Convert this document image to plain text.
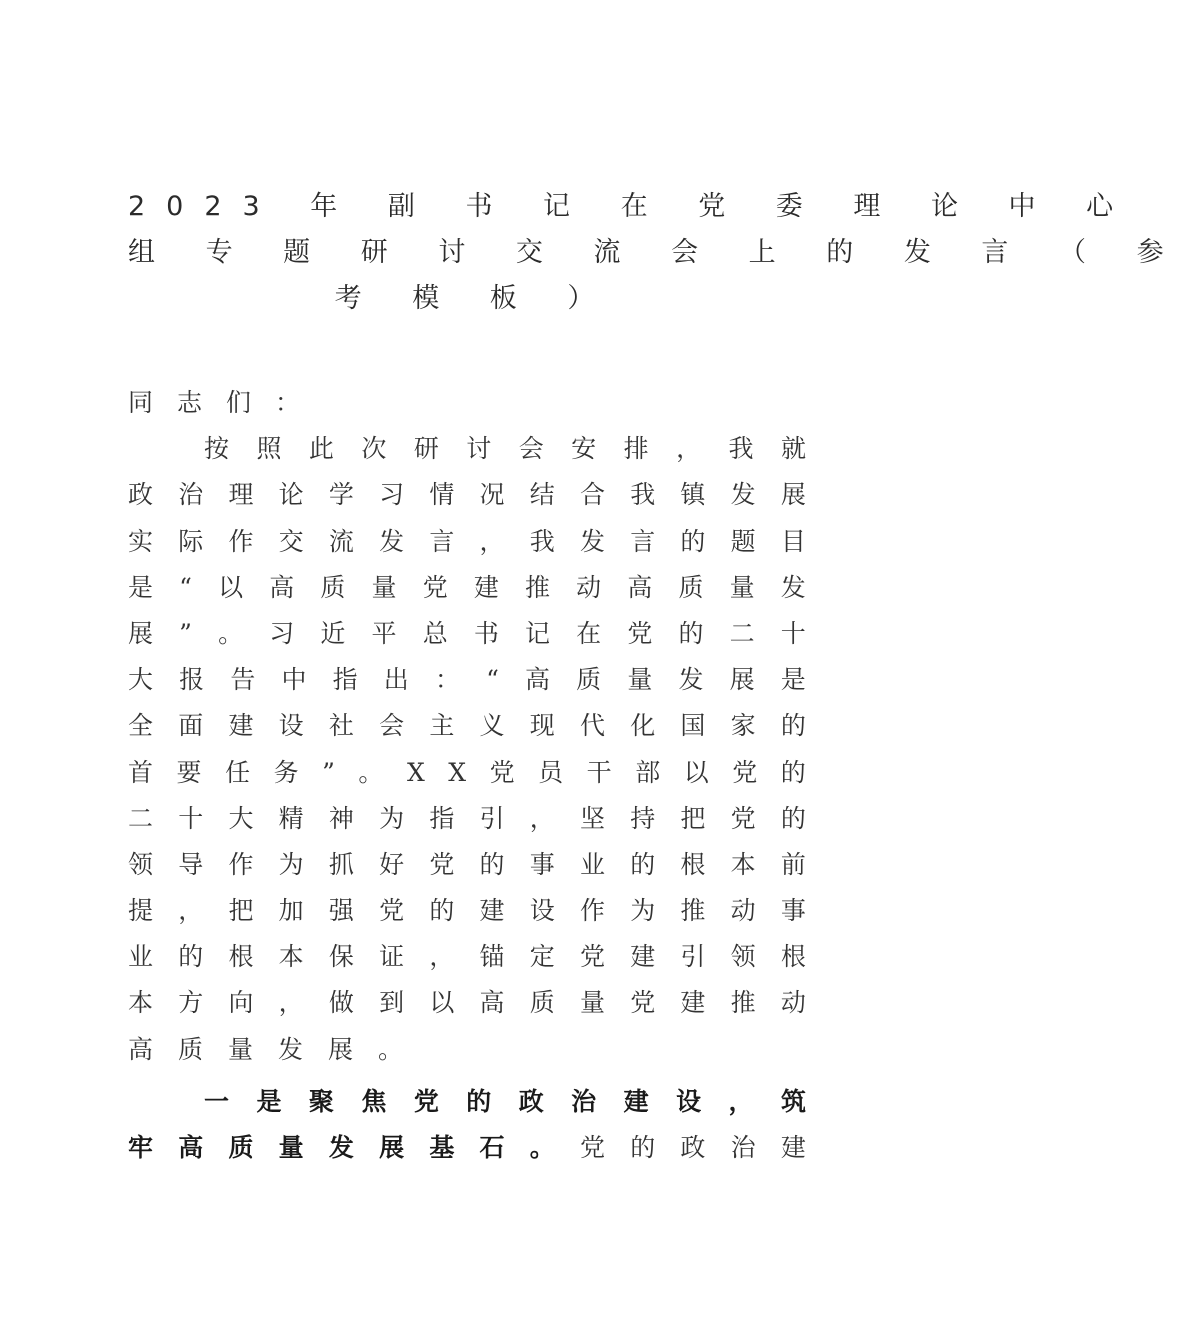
2023 年 副 书 记 在 党 委 理 论 中 心
组 专 题 研 讨 交 流 会 上 的 发 言 （ 参
考 模 板 ）
同志们：
按 照 此 次 研 讨 会 安 排 ， 我 就
政 治 理 论 学 习 情 况 结 合 我 镇 发 展
实 际 作 交 流 发 言 ， 我 发 言 的 题 目
是 “ 以 高 质 量 党 建 推 动 高 质 量 发
展 ” 。 习 近 平 总 书 记 在 党 的 二 十
大 报 告 中 指 出 ： “ 高 质 量 发 展 是
全 面 建 设 社 会 主 义 现 代 化 国 家 的
首 要 任 务 ” 。 X X 党 员 干 部 以 党 的
二 十 大 精 神 为 指 引 ， 坚 持 把 党 的
领 导 作 为 抓 好 党 的 事 业 的 根 本 前
提 ， 把 加 强 党 的 建 设 作 为 推 动 事
业 的 根 本 保 证 ， 锚 定 党 建 引 领 根
本 方 向 ， 做 到 以 高 质 量 党 建 推 动
高质量发展。
一 是 聚 焦 党 的 政 治 建 设 ， 筑
牢 高 质 量 发 展 基 石 。 党 的 政 治 建
